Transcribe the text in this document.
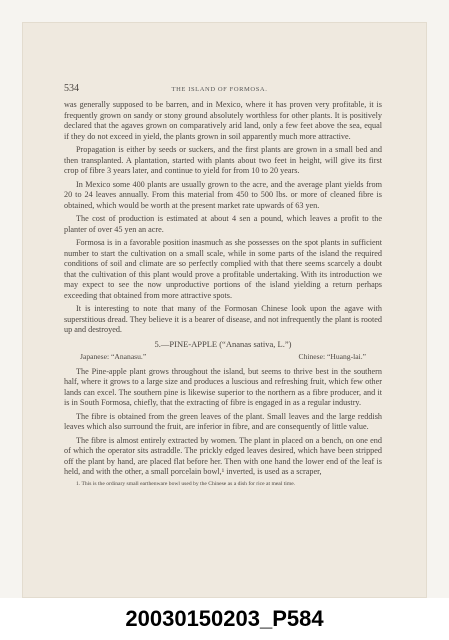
534	THE ISLAND OF FORMOSA.

was generally supposed to be barren, and in Mexico, where it has proven very profitable, it is frequently grown on sandy or stony ground absolutely worthless for other plants. It is positively declared that the agaves grown on comparatively arid land, only a few feet above the sea, equal if they do not exceed in yield, the plants grown in soil apparently much more attractive.

Propagation is either by seeds or suckers, and the first plants are grown in a small bed and then transplanted. A plantation, started with plants about two feet in height, will give its first crop of fibre 3 years later, and continue to yield for from 10 to 20 years.

In Mexico some 400 plants are usually grown to the acre, and the average plant yields from 20 to 24 leaves annually. From this material from 450 to 500 lbs. or more of cleaned fibre is obtained, which would be worth at the present market rate upwards of 63 yen.

The cost of production is estimated at about 4 sen a pound, which leaves a profit to the planter of over 45 yen an acre.

Formosa is in a favorable position inasmuch as she possesses on the spot plants in sufficient number to start the cultivation on a small scale, while in some parts of the island the required conditions of soil and climate are so perfectly complied with that there seems scarcely a doubt that the cultivation of this plant would prove a profitable undertaking. With its introduction we may expect to see the now unproductive portions of the island yielding a return perhaps exceeding that obtained from more attractive spots.

It is interesting to note that many of the Formosan Chinese look upon the agave with superstitious dread. They believe it is a bearer of disease, and not infrequently the plant is rooted up and destroyed.

5.—PINE-APPLE (“Ananas sativa, L.”)
Japanese: “Ananasu.”	Chinese: “Huang-lai.”

The Pine-apple plant grows throughout the island, but seems to thrive best in the southern half, where it grows to a large size and produces a luscious and refreshing fruit, which few other lands can excel. The southern pine is likewise superior to the northern as a fibre producer, and it is in South Formosa, chiefly, that the extracting of fibre is engaged in as a regular industry.

The fibre is obtained from the green leaves of the plant. Small leaves and the large reddish leaves which also surround the fruit, are inferior in fibre, and are consequently of little value.

The fibre is almost entirely extracted by women. The plant in placed on a bench, on one end of which the operator sits astraddle. The prickly edged leaves desired, which have been stripped off the plant by hand, are placed flat before her. Then with one hand the lower end of the leaf is held, and with the other, a small porcelain bowl,¹ inverted, is used as a scraper,

1. This is the ordinary small earthenware bowl used by the Chinese as a dish for rice at meal time.
20030150203_P584
